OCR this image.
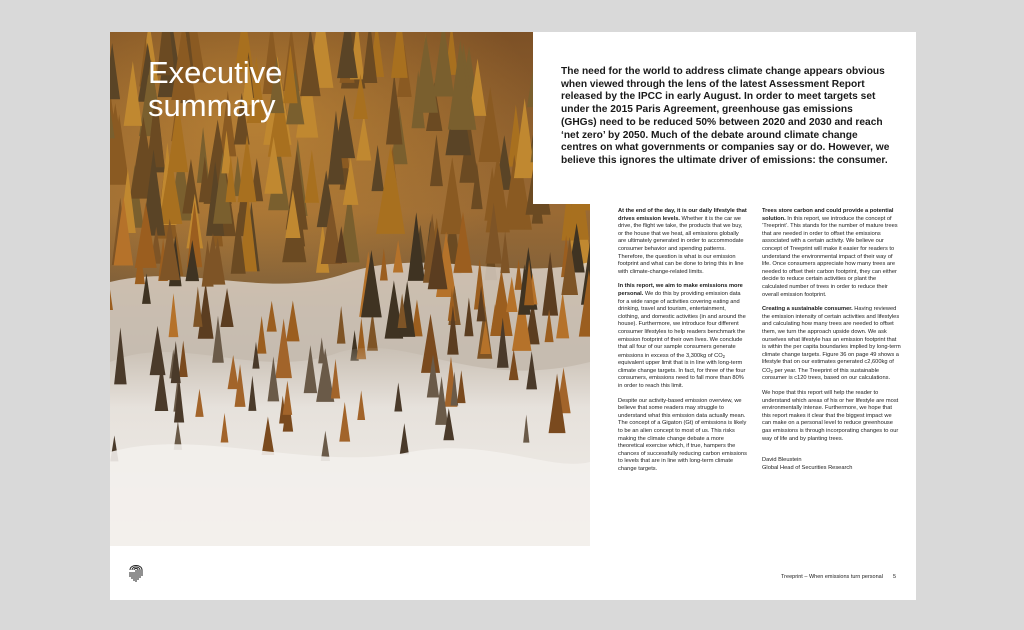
Executive
summary

The need for the world to address climate change appears obvious when viewed through the lens of the latest Assessment Report released by the IPCC in early August. In order to meet targets set under the 2015 Paris Agreement, greenhouse gas emissions (GHGs) need to be reduced 50% between 2020 and 2030 and reach ‘net zero’ by 2050. Much of the debate around climate change centres on what governments or companies say or do. However, we believe this ignores the ultimate driver of emissions: the consumer.

At the end of the day, it is our daily lifestyle that drives emission levels. Whether it is the car we drive, the flight we take, the products that we buy, or the house that we heat, all emissions globally are ultimately generated in order to accommodate consumer behavior and spending patterns. Therefore, the question is what is our emission footprint and what can be done to bring this in line with climate-change-related limits.

In this report, we aim to make emissions more personal. We do this by providing emission data for a wide range of activities covering eating and drinking, travel and tourism, entertainment, clothing, and domestic activities (in and around the house). Furthermore, we introduce four different consumer lifestyles to help readers benchmark the emission footprint of their own lives. We conclude that all four of our sample consumers generate emissions in excess of the 3,300kg of $CO_2$ equivalent upper limit that is in line with long-term climate change targets. In fact, for three of the four consumers, emissions need to fall more than 80% in order to reach this limit.

Despite our activity-based emission overview, we believe that some readers may struggle to understand what this emission data actually mean. The concept of a Gigaton (Gt) of emissions is likely to be an alien concept to most of us. This risks making the climate change debate a more theoretical exercise which, if true, hampers the chances of successfully reducing carbon emissions to levels that are in line with long-term climate change targets.

Trees store carbon and could provide a potential solution. In this report, we introduce the concept of ‘Treeprint’. This stands for the number of mature trees that are needed in order to offset the emissions associated with a certain activity. We believe our concept of Treeprint will make it easier for readers to understand the environmental impact of their way of life. Once consumers appreciate how many trees are needed to offset their carbon footprint, they can either decide to reduce certain activities or plant the calculated number of trees in order to reduce their overall emission footprint.

Creating a sustainable consumer. Having reviewed the emission intensity of certain activities and lifestyles and calculating how many trees are needed to offset them, we turn the approach upside down. We ask ourselves what lifestyle has an emission footprint that is within the per capita boundaries implied by long-term climate change targets. Figure 36 on page 49 shows a lifestyle that on our estimates generated c2,600kg of $CO_2$ per year. The Treeprint of this sustainable consumer is c120 trees, based on our calculations.

We hope that this report will help the reader to understand which areas of his or her lifestyle are most environmentally intense. Furthermore, we hope that this report makes it clear that the biggest impact we can make on a personal level to reduce greenhouse gas emissions is through incorporating changes to our way of life and by planting trees.

David Bleustein
Global Head of Securities Research

Treeprint – When emissions turn personal 5
